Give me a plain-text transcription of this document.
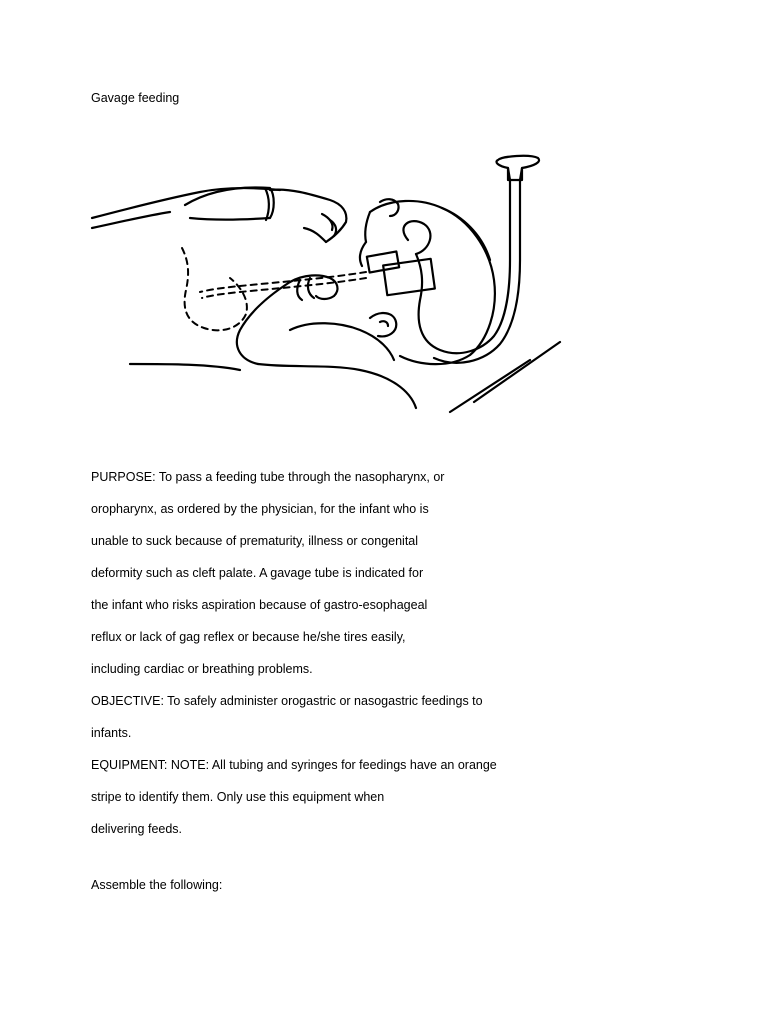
Gavage feeding
PURPOSE: To pass a feeding tube through the nasopharynx, or
oropharynx, as ordered by the physician, for the infant who is
unable to suck because of prematurity, illness or congenital
deformity such as cleft palate. A gavage tube is indicated for
the infant who risks aspiration because of gastro-esophageal
reflux or lack of gag reflex or because he/she tires easily,
including cardiac or breathing problems.
OBJECTIVE: To safely administer orogastric or nasogastric feedings to
infants.
EQUIPMENT: NOTE: All tubing and syringes for feedings have an orange
stripe to identify them. Only use this equipment when
delivering feeds.
Assemble the following:
